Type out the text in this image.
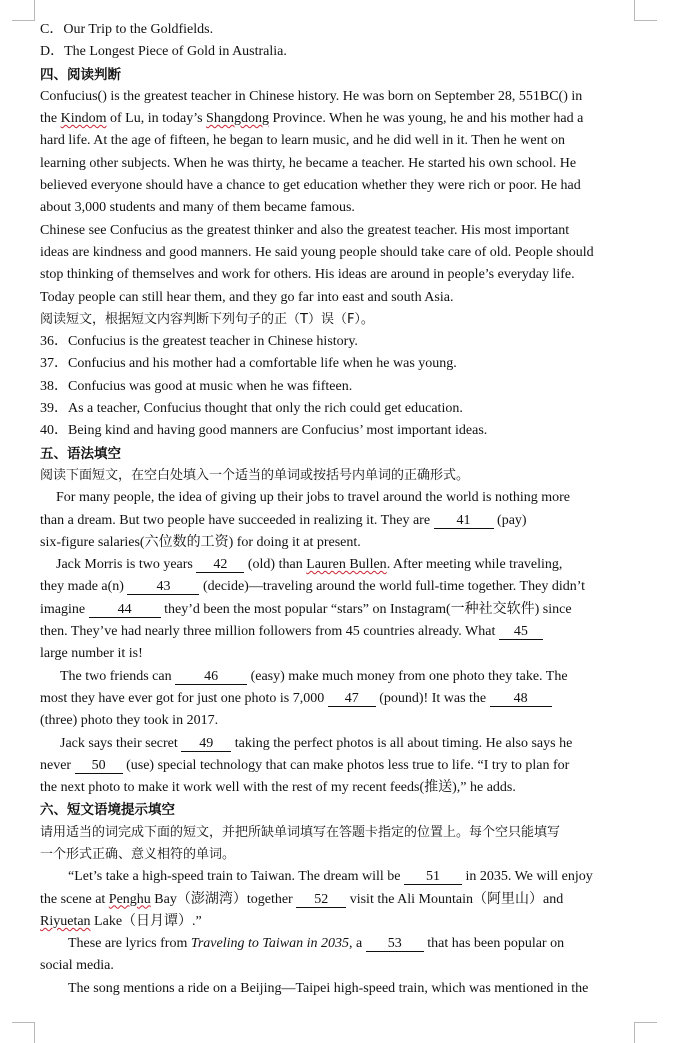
C．Our Trip to the Goldfields.
D．The Longest Piece of Gold in Australia.
四、阅读判断
Confucius() is the greatest teacher in Chinese history. He was born on September 28, 551BC() in
the Kindom of Lu, in today’s Shangdong Province. When he was young, he and his mother had a
hard life. At the age of fifteen, he began to learn music, and he did well in it. Then he went on
learning other subjects. When he was thirty, he became a teacher. He started his own school. He
believed everyone should have a chance to get education whether they were rich or poor. He had
about 3,000 students and many of them became famous.
Chinese see Confucius as the greatest thinker and also the greatest teacher. His most important
ideas are kindness and good manners. He said young people should take care of old. People should
stop thinking of themselves and work for others. His ideas are around in people’s everyday life.
Today people can still hear them, and they go far into east and south Asia.
阅读短文，根据短文内容判断下列句子的正（T）误（F）。
36．Confucius is the greatest teacher in Chinese history.
37．Confucius and his mother had a comfortable life when he was young.
38．Confucius was good at music when he was fifteen.
39．As a teacher, Confucius thought that only the rich could get education.
40．Being kind and having good manners are Confucius’ most important ideas.
五、语法填空
阅读下面短文，在空白处填入一个适当的单词或按括号内单词的正确形式。
For many people, the idea of giving up their jobs to travel around the world is nothing more
than a dream. But two people have succeeded in realizing it. They are 41 (pay)
six-figure salaries(六位数的工资) for doing it at present.
Jack Morris is two years 42 (old) than Lauren Bullen. After meeting while traveling,
they made a(n) 43 (decide)—traveling around the world full-time together. They didn’t
imagine 44 they’d been the most popular “stars” on Instagram(一种社交软件) since
then. They’ve had nearly three million followers from 45 countries already. What 45
large number it is!
The two friends can 46 (easy) make much money from one photo they take. The
most they have ever got for just one photo is 7,000 47 (pound)! It was the 48
(three) photo they took in 2017.
Jack says their secret 49 taking the perfect photos is all about timing. He also says he
never 50 (use) special technology that can make photos less true to life. “I try to plan for
the next photo to make it work well with the rest of my recent feeds(推送),” he adds.
六、短文语境提示填空
请用适当的词完成下面的短文，并把所缺单词填写在答题卡指定的位置上。每个空只能填写
一个形式正确、意义相符的单词。
“Let’s take a high-speed train to Taiwan. The dream will be 51 in 2035. We will enjoy
the scene at Penghu Bay（澎湖湾）together 52 visit the Ali Mountain（阿里山）and
Riyuetan Lake（日月谭）.”
These are lyrics from Traveling to Taiwan in 2035, a 53 that has been popular on
social media.
The song mentions a ride on a Beijing—Taipei high-speed train, which was mentioned in the
